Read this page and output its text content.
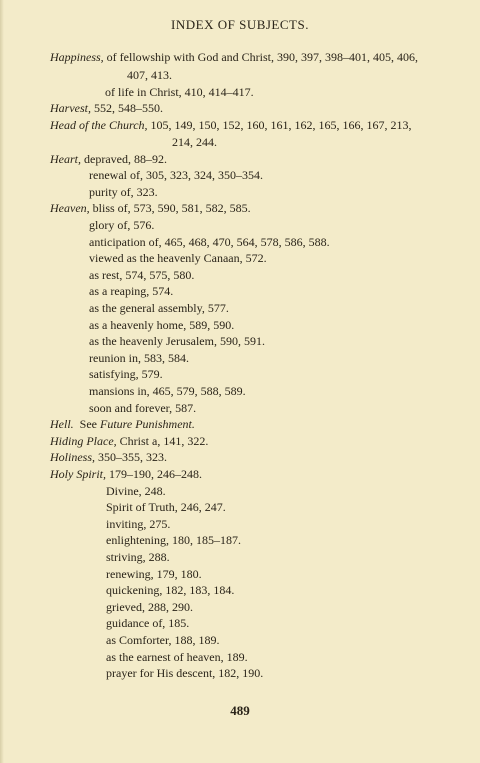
INDEX OF SUBJECTS.
Happiness, of fellowship with God and Christ, 390, 397, 398–401, 405, 406,
407, 413.
of life in Christ, 410, 414–417.
Harvest, 552, 548–550.
Head of the Church, 105, 149, 150, 152, 160, 161, 162, 165, 166, 167, 213,
214, 244.
Heart, depraved, 88–92.
renewal of, 305, 323, 324, 350–354.
purity of, 323.
Heaven, bliss of, 573, 590, 581, 582, 585.
glory of, 576.
anticipation of, 465, 468, 470, 564, 578, 586, 588.
viewed as the heavenly Canaan, 572.
as rest, 574, 575, 580.
as a reaping, 574.
as the general assembly, 577.
as a heavenly home, 589, 590.
as the heavenly Jerusalem, 590, 591.
reunion in, 583, 584.
satisfying, 579.
mansions in, 465, 579, 588, 589.
soon and forever, 587.
Hell.  See Future Punishment.
Hiding Place, Christ a, 141, 322.
Holiness, 350–355, 323.
Holy Spirit, 179–190, 246–248.
Divine, 248.
Spirit of Truth, 246, 247.
inviting, 275.
enlightening, 180, 185–187.
striving, 288.
renewing, 179, 180.
quickening, 182, 183, 184.
grieved, 288, 290.
guidance of, 185.
as Comforter, 188, 189.
as the earnest of heaven, 189.
prayer for His descent, 182, 190.
489
